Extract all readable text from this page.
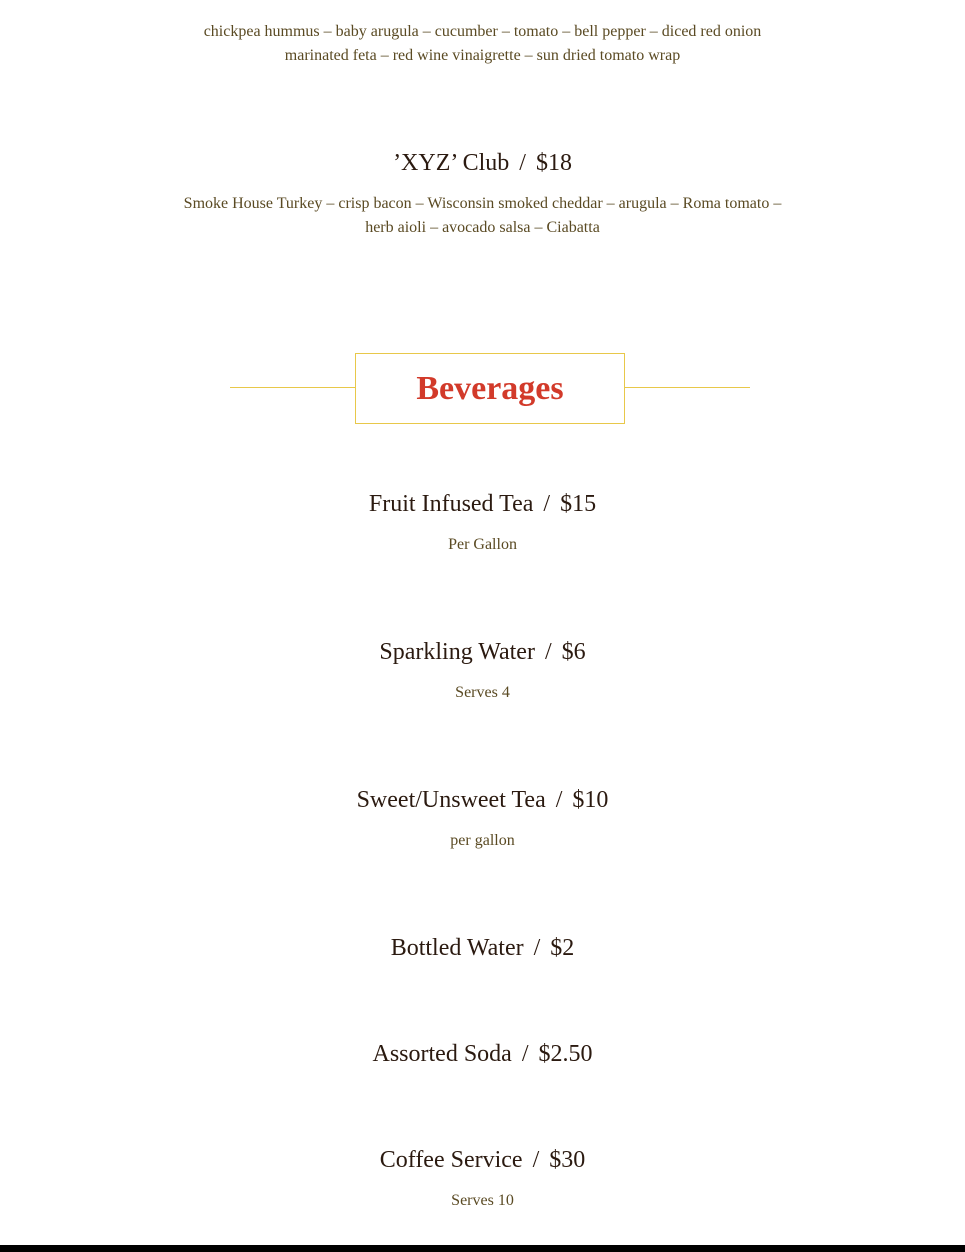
chickpea hummus – baby arugula – cucumber – tomato – bell pepper – diced red onion
marinated feta – red wine vinaigrette – sun dried tomato wrap
’XYZ’ Club / $18
Smoke House Turkey – crisp bacon – Wisconsin smoked cheddar – arugula – Roma tomato –
herb aioli – avocado salsa – Ciabatta
Beverages
Fruit Infused Tea / $15
Per Gallon
Sparkling Water / $6
Serves 4
Sweet/Unsweet Tea / $10
per gallon
Bottled Water / $2
Assorted Soda / $2.50
Coffee Service / $30
Serves 10
